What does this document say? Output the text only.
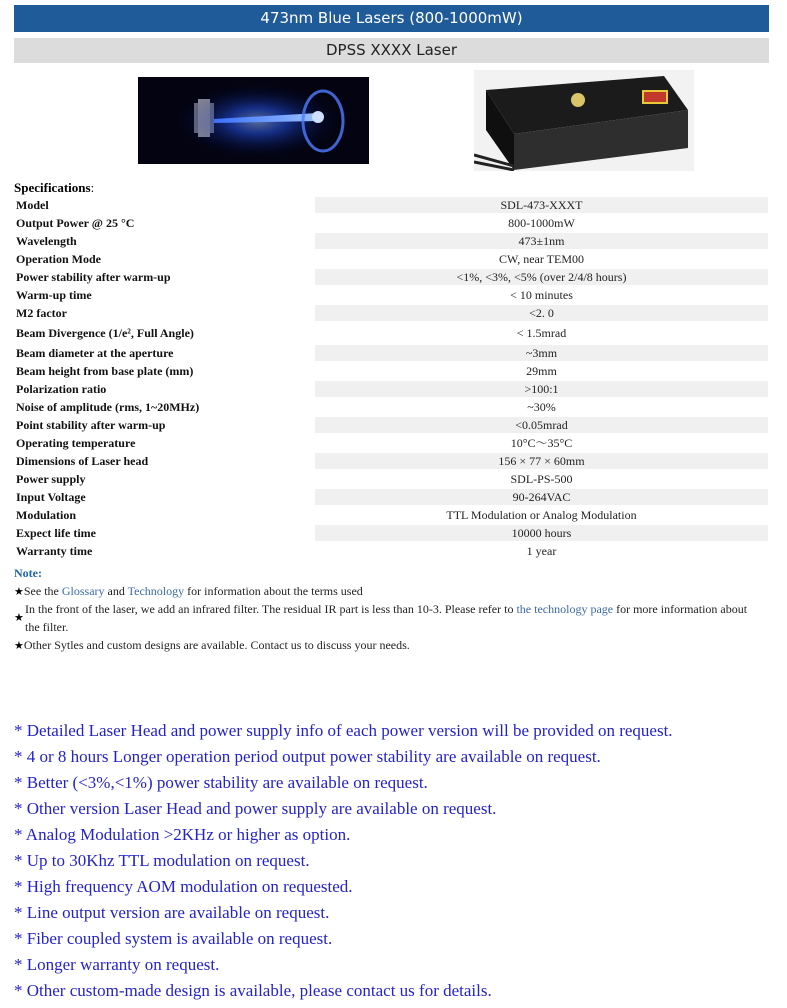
473nm Blue Lasers (800-1000mW)
DPSS XXXX Laser
Specifications:
Model	SDL-473-XXXT
Output Power @ 25 °C	800-1000mW
Wavelength	473±1nm
Operation Mode	CW, near TEM00
Power stability after warm-up	<1%, <3%, <5% (over 2/4/8 hours)
Warm-up time	< 10 minutes
M2 factor	<2. 0
Beam Divergence (1/e², Full Angle)	< 1.5mrad
Beam diameter at the aperture	~3mm
Beam height from base plate (mm)	29mm
Polarization ratio	>100:1
Noise of amplitude (rms, 1~20MHz)	~30%
Point stability after warm-up	<0.05mrad
Operating temperature	10°C～35°C
Dimensions of Laser head	156 × 77 × 60mm
Power supply	SDL-PS-500
Input Voltage	90-264VAC
Modulation	TTL Modulation or Analog Modulation
Expect life time	10000 hours
Warranty time	1 year
Note:
★See the Glossary and Technology for information about the terms used
★
In the front of the laser, we add an infrared filter. The residual IR part is less than 10-3. Please refer to the technology page for more information about
the filter.
★Other Sytles and custom designs are available. Contact us to discuss your needs.
* Detailed Laser Head and power supply info of each power version will be provided on request.
* 4 or 8 hours Longer operation period output power stability are available on request.
* Better (<3%,<1%) power stability are available on request.
* Other version Laser Head and power supply are available on request.
* Analog Modulation >2KHz or higher as option.
* Up to 30Khz TTL modulation on request.
* High frequency AOM modulation on requested.
* Line output version are available on request.
* Fiber coupled system is available on request.
* Longer warranty on request.
* Other custom-made design is available, please contact us for details.
